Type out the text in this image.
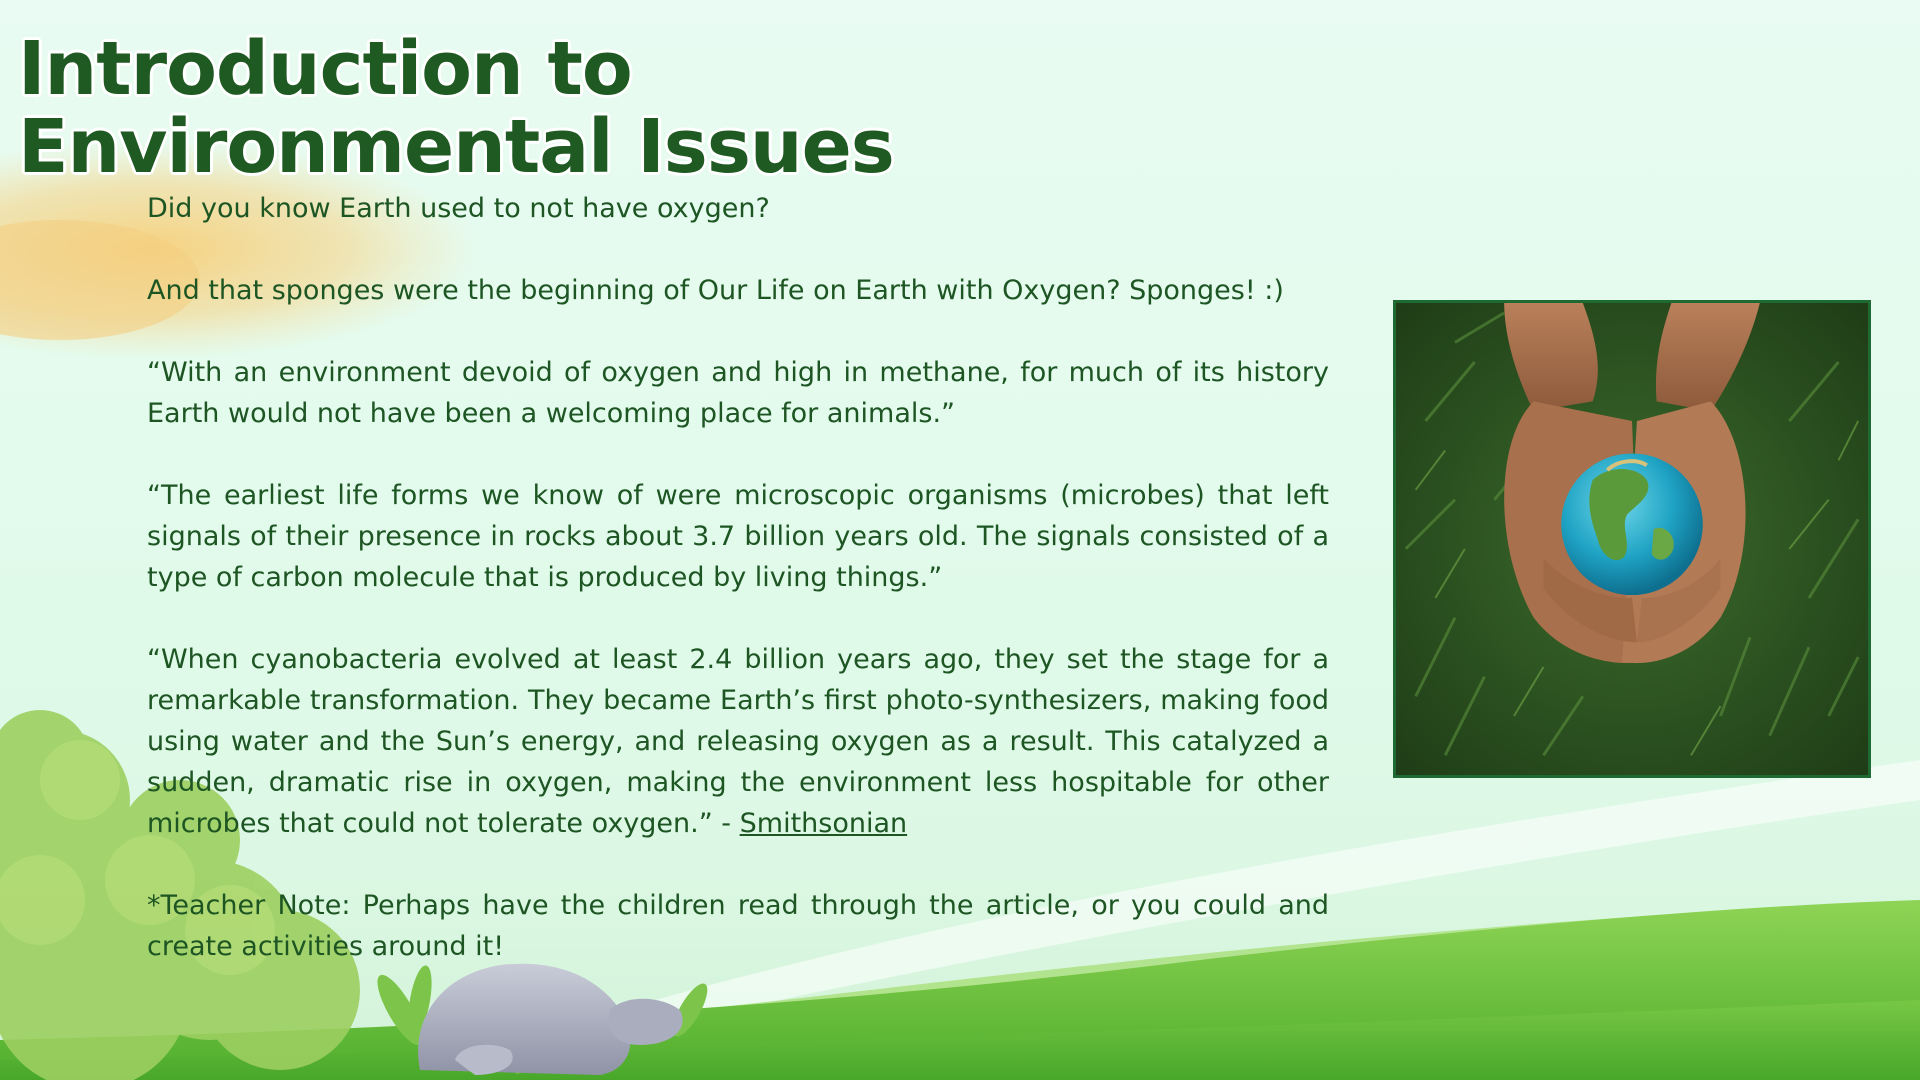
Introduction to
Environmental Issues

Did you know Earth used to not have oxygen?

And that sponges were the beginning of Our Life on Earth with Oxygen? Sponges! :)

“With an environment devoid of oxygen and high in methane, for much of its history Earth would not have been a welcoming place for animals.”

“The earliest life forms we know of were microscopic organisms (microbes) that left signals of their presence in rocks about 3.7 billion years old. The signals consisted of a type of carbon molecule that is produced by living things.”

“When cyanobacteria evolved at least 2.4 billion years ago, they set the stage for a remarkable transformation. They became Earth’s first photo-synthesizers, making food using water and the Sun’s energy, and releasing oxygen as a result. This catalyzed a sudden, dramatic rise in oxygen, making the environment less hospitable for other microbes that could not tolerate oxygen.” - Smithsonian

*Teacher Note: Perhaps have the children read through the article, or you could and create activities around it!
